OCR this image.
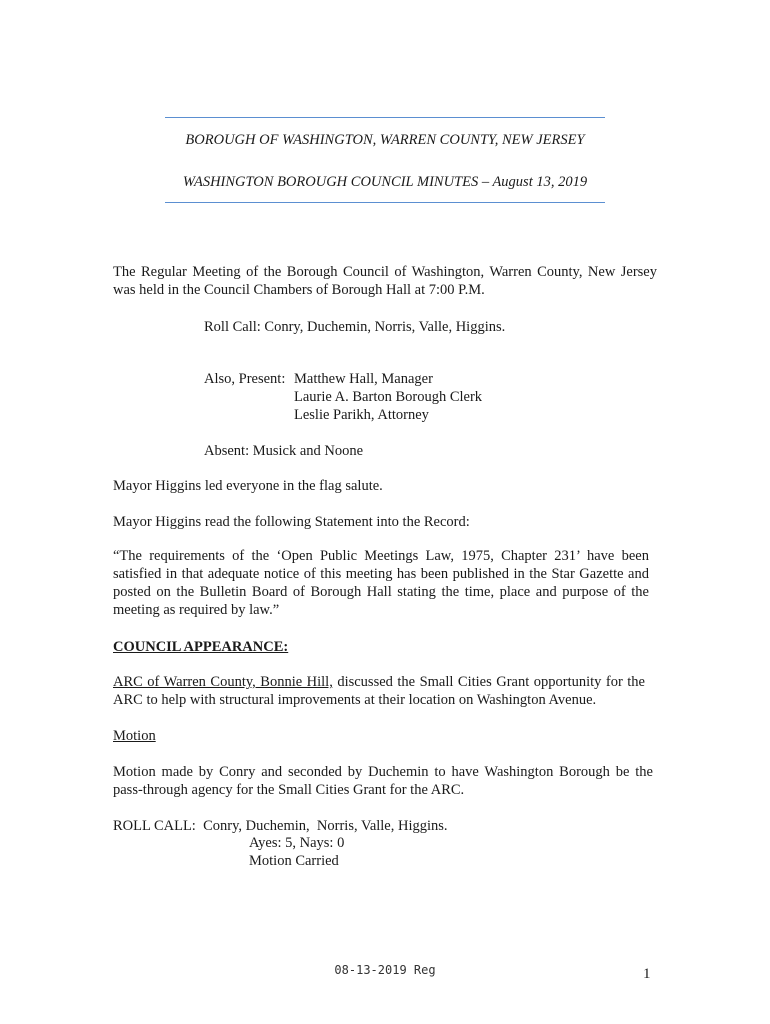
BOROUGH OF WASHINGTON, WARREN COUNTY, NEW JERSEY
WASHINGTON BOROUGH COUNCIL MINUTES – August 13, 2019
The Regular Meeting of the Borough Council of Washington, Warren County, New Jersey was held in the Council Chambers of Borough Hall at 7:00 P.M.
Roll Call: Conry, Duchemin, Norris, Valle, Higgins.
Also, Present: Matthew Hall, Manager
Laurie A. Barton Borough Clerk
Leslie Parikh, Attorney
Absent: Musick and Noone
Mayor Higgins led everyone in the flag salute.
Mayor Higgins read the following Statement into the Record:
“The requirements of the ‘Open Public Meetings Law, 1975, Chapter 231’ have been satisfied in that adequate notice of this meeting has been published in the Star Gazette and posted on the Bulletin Board of Borough Hall stating the time, place and purpose of the meeting as required by law.”
COUNCIL APPEARANCE:
ARC of Warren County, Bonnie Hill, discussed the Small Cities Grant opportunity for the ARC to help with structural improvements at their location on Washington Avenue.
Motion
Motion made by Conry and seconded by Duchemin to have Washington Borough be the pass-through agency for the Small Cities Grant for the ARC.
ROLL CALL:  Conry, Duchemin,  Norris, Valle, Higgins.
Ayes: 5, Nays: 0
Motion Carried
08-13-2019 Reg	1
